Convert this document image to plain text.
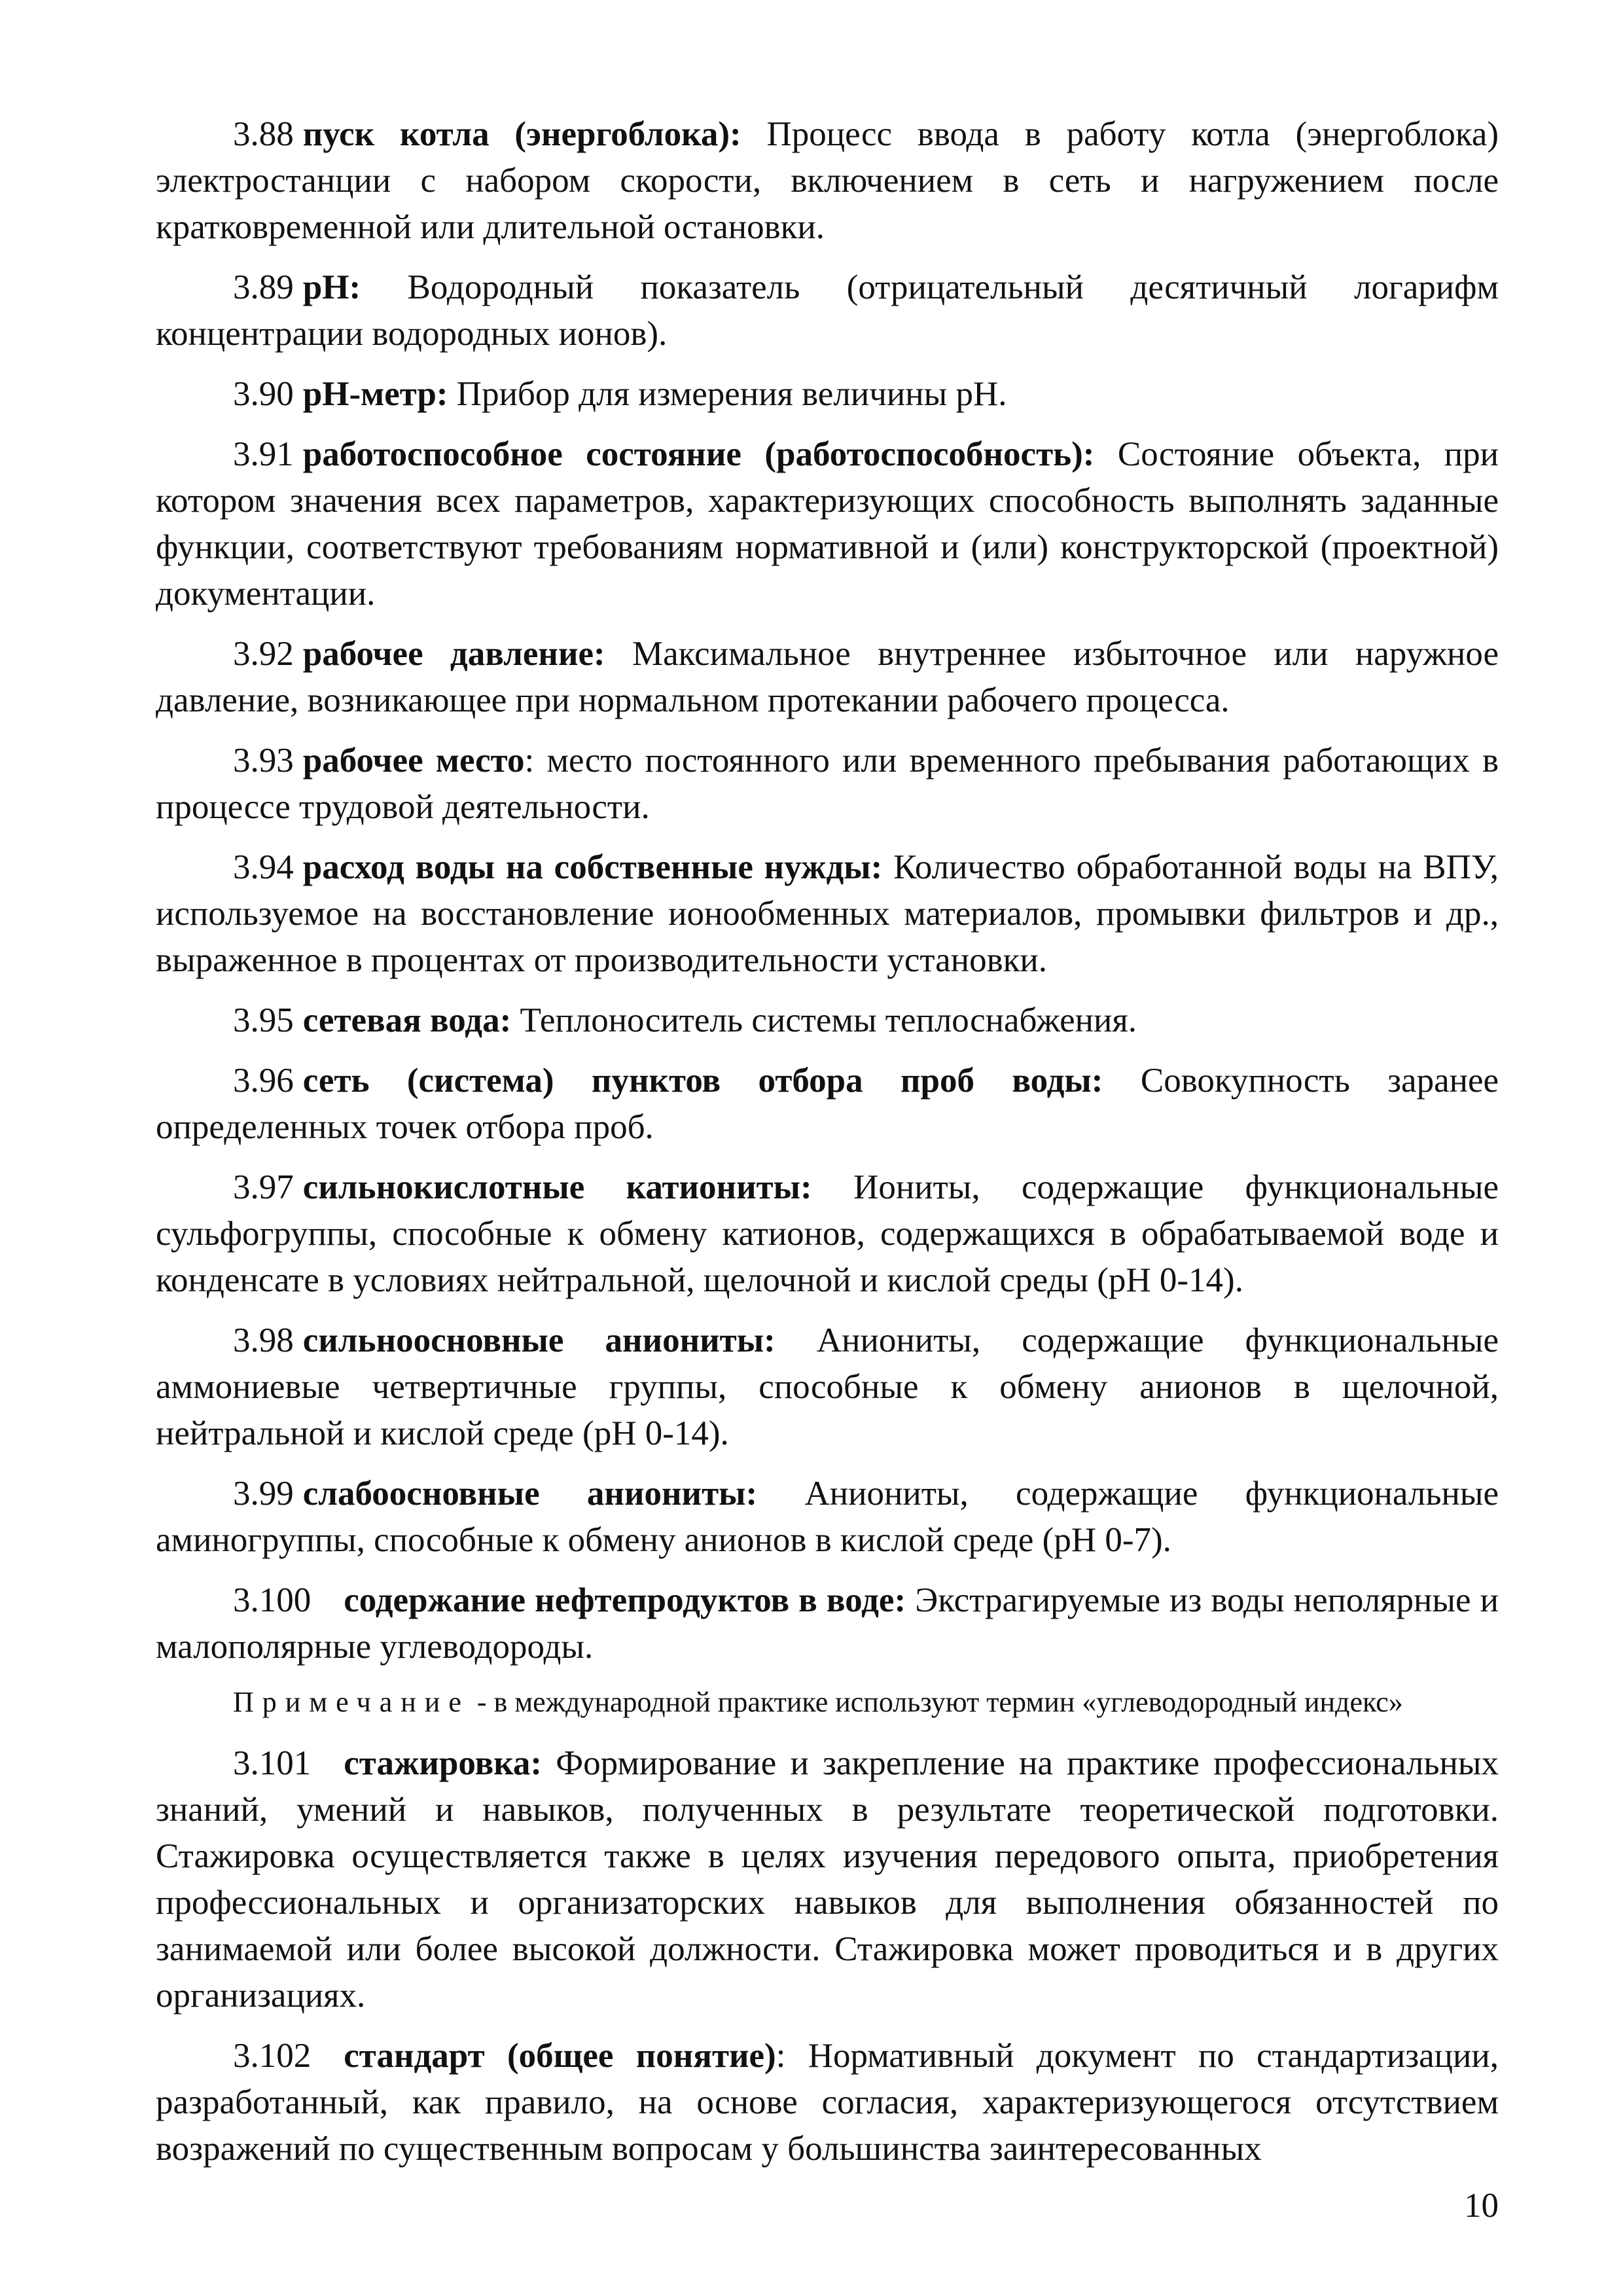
3.88 пуск котла (энергоблока): Процесс ввода в работу котла (энергоблока) электростанции с набором скорости, включением в сеть и нагружением после кратковременной или длительной остановки.

3.89 pH: Водородный показатель (отрицательный десятичный логарифм концентрации водородных ионов).

3.90 pH-метр: Прибор для измерения величины pH.

3.91 работоспособное состояние (работоспособность): Состояние объекта, при котором значения всех параметров, характеризующих способность выполнять заданные функции, соответствуют требованиям нормативной и (или) конструкторской (проектной) документации.

3.92 рабочее давление: Максимальное внутреннее избыточное или наружное давление, возникающее при нормальном протекании рабочего процесса.

3.93 рабочее место: место постоянного или временного пребывания работающих в процессе трудовой деятельности.

3.94 расход воды на собственные нужды: Количество обработанной воды на ВПУ, используемое на восстановление ионообменных материалов, промывки фильтров и др., выраженное в процентах от производительности установки.

3.95 сетевая вода: Теплоноситель системы теплоснабжения.

3.96 сеть (система) пунктов отбора проб воды: Совокупность заранее определенных точек отбора проб.

3.97 сильнокислотные катиониты: Иониты, содержащие функциональные сульфогруппы, способные к обмену катионов, содержащихся в обрабатываемой воде и конденсате в условиях нейтральной, щелочной и кислой среды (pH 0-14).

3.98 сильноосновные аниониты: Аниониты, содержащие функциональные аммониевые четвертичные группы, способные к обмену анионов в щелочной, нейтральной и кислой среде (pH 0-14).

3.99 слабоосновные аниониты: Аниониты, содержащие функциональные аминогруппы, способные к обмену анионов в кислой среде (pH 0-7).

3.100 содержание нефтепродуктов в воде: Экстрагируемые из воды неполярные и малополярные углеводороды.

Примечание - в международной практике используют термин «углеводородный индекс»

3.101 стажировка: Формирование и закрепление на практике профессиональных знаний, умений и навыков, полученных в результате теоретической подготовки. Стажировка осуществляется также в целях изучения передового опыта, приобретения профессиональных и организаторских навыков для выполнения обязанностей по занимаемой или более высокой должности. Стажировка может проводиться и в других организациях.

3.102 стандарт (общее понятие): Нормативный документ по стандартизации, разработанный, как правило, на основе согласия, характеризующегося отсутствием возражений по существенным вопросам у большинства заинтересованных

10
